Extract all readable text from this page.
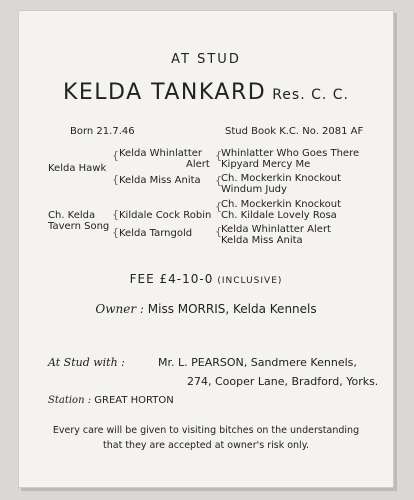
AT STUD
KELDA TANKARD Res. C. C.
Born 21.7.46	Stud Book K.C. No. 2081 AF
Kelda Hawk
{ Kelda Whinlatter
Alert
{ Whinlatter Who Goes There
Kipyard Mercy Me
{ Kelda Miss Anita { Ch. Mockerkin Knockout
Windum Judy
Ch. Kelda
Tavern Song
{ Kildale Cock Robin
{ Ch. Mockerkin Knockout
Ch. Kildale Lovely Rosa
{ Kelda Tarngold { Kelda Whinlatter Alert
Kelda Miss Anita
FEE £4-10-0 (INCLUSIVE)
Owner : Miss MORRIS, Kelda Kennels
At Stud with :	Mr. L. PEARSON, Sandmere Kennels,
274, Cooper Lane, Bradford, Yorks.
Station : GREAT HORTON
Every care will be given to visiting bitches on the understanding
that they are accepted at owner's risk only.
